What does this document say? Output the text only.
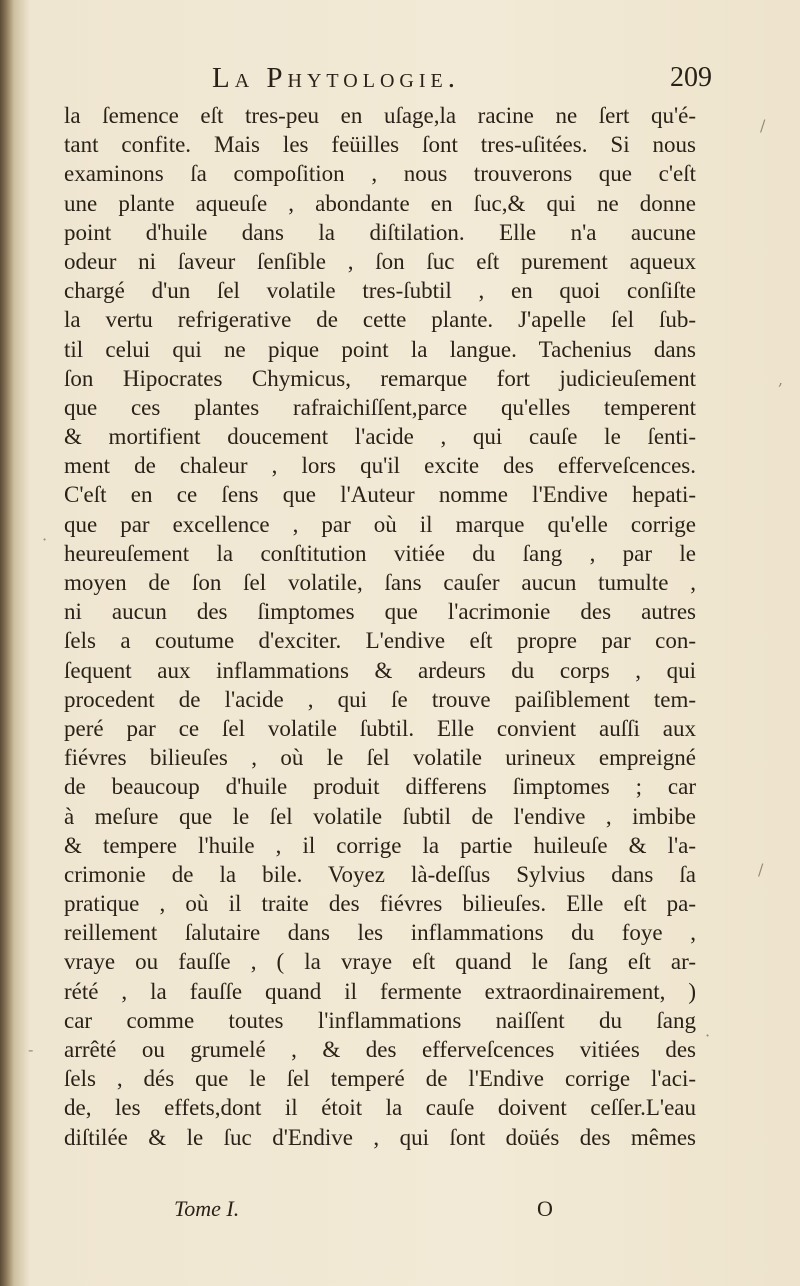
La Phytologie.	209
la ſemence eſt tres-peu en uſage,la racine ne ſert qu'é-
tant confite. Mais les feüilles ſont tres-uſitées. Si nous
examinons ſa compoſition , nous trouverons que c'eſt
une plante aqueuſe , abondante en ſuc,& qui ne donne
point d'huile dans la diſtilation. Elle n'a aucune
odeur ni ſaveur ſenſible , ſon ſuc eſt purement aqueux
chargé d'un ſel volatile tres-ſubtil , en quoi conſiſte
la vertu refrigerative de cette plante. J'apelle ſel ſub-
til celui qui ne pique point la langue. Tachenius dans
ſon Hipocrates Chymicus, remarque fort judicieuſement
que ces plantes rafraichiſſent,parce qu'elles temperent
& mortifient doucement l'acide , qui cauſe le ſenti-
ment de chaleur , lors qu'il excite des efferveſcences.
C'eſt en ce ſens que l'Auteur nomme l'Endive hepati-
que par excellence , par où il marque qu'elle corrige
heureuſement la conſtitution vitiée du ſang , par le
moyen de ſon ſel volatile, ſans cauſer aucun tumulte ,
ni aucun des ſimptomes que l'acrimonie des autres
ſels a coutume d'exciter. L'endive eſt propre par con-
ſequent aux inflammations & ardeurs du corps , qui
procedent de l'acide , qui ſe trouve paiſiblement tem-
peré par ce ſel volatile ſubtil. Elle convient auſſi aux
fiévres bilieuſes , où le ſel volatile urineux empreigné
de beaucoup d'huile produit differens ſimptomes ; car
à meſure que le ſel volatile ſubtil de l'endive , imbibe
& tempere l'huile , il corrige la partie huileuſe & l'a-
crimonie de la bile. Voyez là-deſſus Sylvius dans ſa
pratique , où il traite des fiévres bilieuſes. Elle eſt pa-
reillement ſalutaire dans les inflammations du foye ,
vraye ou fauſſe , ( la vraye eſt quand le ſang eſt ar-
rété , la fauſſe quand il fermente extraordinairement, )
car comme toutes l'inflammations naiſſent du ſang
arrêté ou grumelé , & des efferveſcences vitiées des
ſels , dés que le ſel temperé de l'Endive corrige l'aci-
de, les effets,dont il étoit la cauſe doivent ceſſer.L'eau
diſtilée & le ſuc d'Endive , qui ſont doüés des mêmes
Tome I.	O
/
,
·
/
-
·
